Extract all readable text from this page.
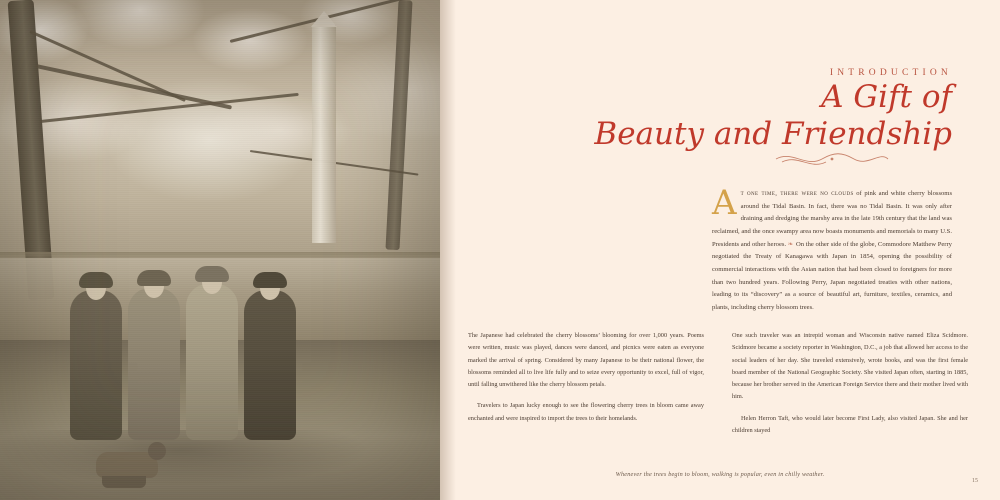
INTRODUCTION
A Gift of
Beauty and Friendship
At one time, there were no clouds of pink and white cherry blossoms around the Tidal Basin. In fact, there was no Tidal Basin. It was only after draining and dredging the marshy area in the late 19th century that the land was reclaimed, and the once swampy area now boasts monuments and memorials to many U.S. Presidents and other heroes. ❧ On the other side of the globe, Commodore Matthew Perry negotiated the Treaty of Kanagawa with Japan in 1854, opening the possibility of commercial interactions with the Asian nation that had been closed to foreigners for more than two hundred years. Following Perry, Japan negotiated treaties with other nations, leading to its “discovery” as a source of beautiful art, furniture, textiles, ceramics, and plants, including cherry blossom trees.

The Japanese had celebrated the cherry blossoms’ blooming for over 1,000 years. Poems were written, music was played, dances were danced, and picnics were eaten as everyone marked the arrival of spring. Considered by many Japanese to be their national flower, the blossoms reminded all to live life fully and to seize every opportunity to excel, full of vigor, until falling unwithered like the cherry blossom petals.

Travelers to Japan lucky enough to see the flowering cherry trees in bloom came away enchanted and were inspired to import the trees to their homelands.

One such traveler was an intrepid woman and Wisconsin native named Eliza Scidmore. Scidmore became a society reporter in Washington, D.C., a job that allowed her access to the social leaders of her day. She traveled extensively, wrote books, and was the first female board member of the National Geographic Society. She visited Japan often, starting in 1885, because her brother served in the American Foreign Service there and their mother lived with him.

Helen Herron Taft, who would later become First Lady, also visited Japan. She and her children stayed

Whenever the trees begin to bloom, walking is popular, even in chilly weather.
15
